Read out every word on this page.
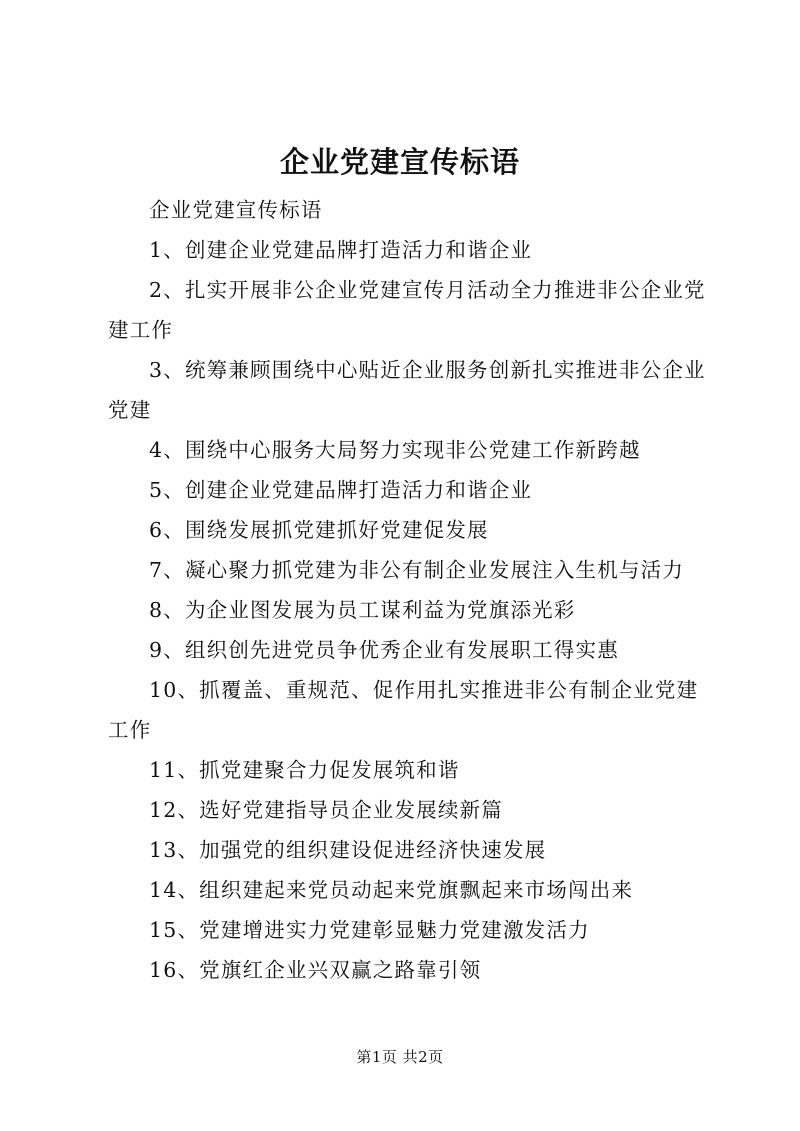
企业党建宣传标语

企业党建宣传标语

1、创建企业党建品牌打造活力和谐企业

2、扎实开展非公企业党建宣传月活动全力推进非公企业党建工作

3、统筹兼顾围绕中心贴近企业服务创新扎实推进非公企业党建

4、围绕中心服务大局努力实现非公党建工作新跨越

5、创建企业党建品牌打造活力和谐企业

6、围绕发展抓党建抓好党建促发展

7、凝心聚力抓党建为非公有制企业发展注入生机与活力

8、为企业图发展为员工谋利益为党旗添光彩

9、组织创先进党员争优秀企业有发展职工得实惠

10、抓覆盖、重规范、促作用扎实推进非公有制企业党建工作

11、抓党建聚合力促发展筑和谐

12、选好党建指导员企业发展续新篇

13、加强党的组织建设促进经济快速发展

14、组织建起来党员动起来党旗飘起来市场闯出来

15、党建增进实力党建彰显魅力党建激发活力

16、党旗红企业兴双赢之路靠引领

第1页 共2页
